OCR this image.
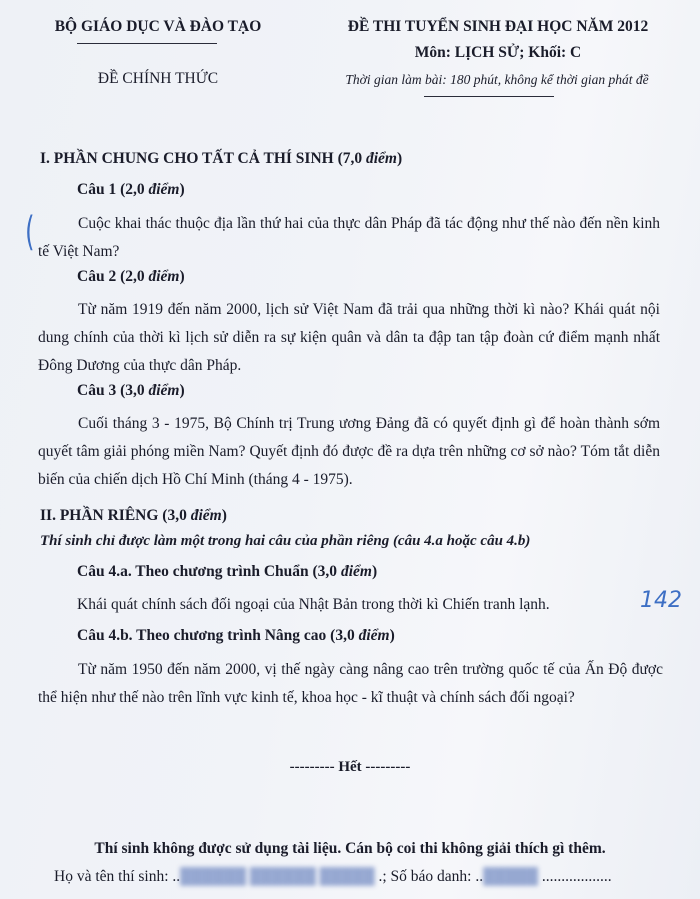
BỘ GIÁO DỤC VÀ ĐÀO TẠO
ĐỀ CHÍNH THỨC
ĐỀ THI TUYỂN SINH ĐẠI HỌC NĂM 2012
Môn: LỊCH SỬ; Khối: C
Thời gian làm bài: 180 phút, không kể thời gian phát đề
I. PHẦN CHUNG CHO TẤT CẢ THÍ SINH (7,0 điểm)
Câu 1 (2,0 điểm)
Cuộc khai thác thuộc địa lần thứ hai của thực dân Pháp đã tác động như thế nào đến nền kinh tế Việt Nam?
(
Câu 2 (2,0 điểm)
Từ năm 1919 đến năm 2000, lịch sử Việt Nam đã trải qua những thời kì nào? Khái quát nội dung chính của thời kì lịch sử diễn ra sự kiện quân và dân ta đập tan tập đoàn cứ điểm mạnh nhất Đông Dương của thực dân Pháp.
Câu 3 (3,0 điểm)
Cuối tháng 3 - 1975, Bộ Chính trị Trung ương Đảng đã có quyết định gì để hoàn thành sớm quyết tâm giải phóng miền Nam? Quyết định đó được đề ra dựa trên những cơ sở nào? Tóm tắt diễn biến của chiến dịch Hồ Chí Minh (tháng 4 - 1975).
II. PHẦN RIÊNG (3,0 điểm)
Thí sinh chỉ được làm một trong hai câu của phần riêng (câu 4.a hoặc câu 4.b)
Câu 4.a. Theo chương trình Chuẩn (3,0 điểm)
Khái quát chính sách đối ngoại của Nhật Bản trong thời kì Chiến tranh lạnh.	142
Câu 4.b. Theo chương trình Nâng cao (3,0 điểm)
Từ năm 1950 đến năm 2000, vị thế ngày càng nâng cao trên trường quốc tế của Ấn Độ được thể hiện như thế nào trên lĩnh vực kinh tế, khoa học - kĩ thuật và chính sách đối ngoại?
--------- Hết ---------
Thí sinh không được sử dụng tài liệu. Cán bộ coi thi không giải thích gì thêm.
Họ và tên thí sinh: ..██████ ██████ █████ .; Số báo danh: ..█████ ..................
